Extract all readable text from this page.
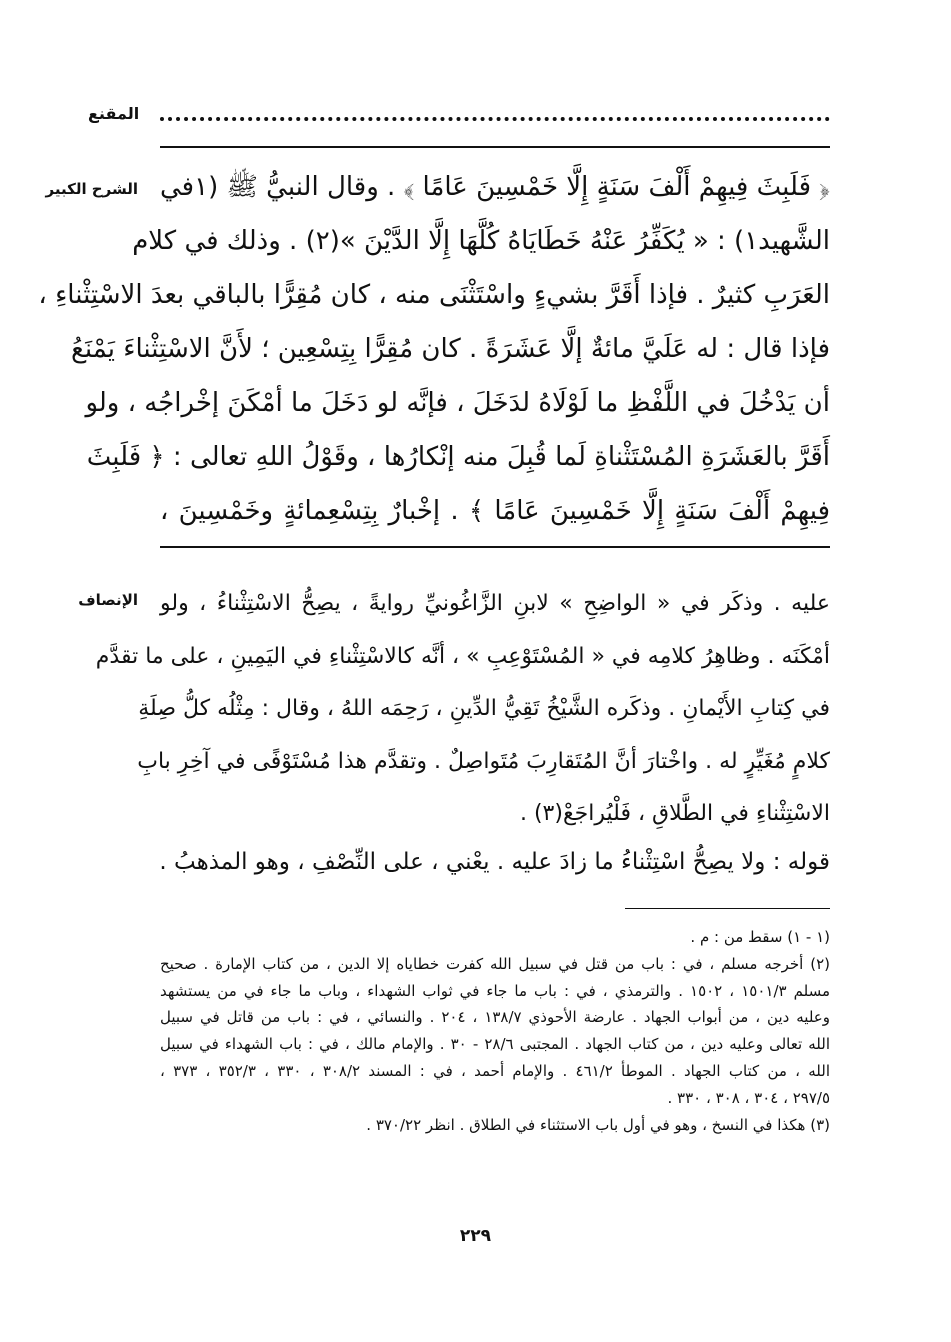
المقنع
الشرح الكبير
الإنصاف
﴿ فَلَبِثَ فِيهِمْ أَلْفَ سَنَةٍ إِلَّا خَمْسِينَ عَامًا ﴾ . وقال النبيُّ ﷺ (١في
الشَّهيد١) : « يُكَفِّرُ عَنْهُ خَطَايَاهُ كُلَّهَا إِلَّا الدَّيْنَ »(٢) . وذلك في كلام
العَرَبِ كثيرٌ . فإذا أَقَرَّ بشيءٍ واسْتَثْنَى منه ، كان مُقِرًّا بالباقي بعدَ الاسْتِثْناءِ ،
فإذا قال : له عَلَيَّ مائةٌ إلَّا عَشَرَةً . كان مُقِرًّا بِتِسْعِين ؛ لأَنَّ الاسْتِثْناءَ يَمْنَعُ
أن يَدْخُلَ في اللَّفْظِ ما لَوْلَاهُ لدَخَلَ ، فإنَّه لو دَخَلَ ما أمْكَنَ إخْراجُه ، ولو
أَقَرَّ بالعَشَرَةِ المُسْتَثْناةِ لَما قُبِلَ منه إنْكارُها ، وقَوْلُ اللهِ تعالى : ﴿ فَلَبِثَ
فِيهِمْ أَلْفَ سَنَةٍ إِلَّا خَمْسِينَ عَامًا ﴾ . إخْبارٌ بِتِسْعِمائةٍ وخَمْسِينَ ،
عليه . وذكَر في « الواضِحِ » لابنِ الزَّاغُونيِّ روايةً ، يصِحُّ الاسْتِثْناءُ ، ولو
أمْكَنَه . وظاهِرُ كلامِه في « المُسْتَوْعِبِ » ، أنَّه كالاسْتِثْناءِ في اليَمِينِ ، على ما تقدَّم
في كِتابِ الأَيْمانِ . وذكَره الشَّيْخُ تَقِيُّ الدِّينِ ، رَحِمَه اللهُ ، وقال : مِثْلُه كلُّ صِلَةِ
كلامٍ مُغَيِّرٍ له . واخْتارَ أنَّ المُتَقارِبَ مُتَواصِلٌ . وتقدَّم هذا مُسْتَوْفًى في آخِرِ بابِ
الاسْتِثْناءِ في الطَّلاقِ ، فَلْيُراجَعْ(٣) .
قوله : ولا يصِحُّ اسْتِثْناءُ ما زادَ عليه . يعْني ، على النِّصْفِ ، وهو المذهبُ .
(١ - ١) سقط من : م .
(٢) أخرجه مسلم ، في : باب من قتل في سبيل الله كفرت خطاياه إلا الدين ، من كتاب الإمارة . صحيح
مسلم ١٥٠١/٣ ، ١٥٠٢ . والترمذي ، في : باب ما جاء في ثواب الشهداء ، وباب ما جاء في من يستشهد
وعليه دين ، من أبواب الجهاد . عارضة الأحوذي ١٣٨/٧ ، ٢٠٤ . والنسائي ، في : باب من قاتل في سبيل
الله تعالى وعليه دين ، من كتاب الجهاد . المجتبى ٢٨/٦ - ٣٠ . والإمام مالك ، في : باب الشهداء في سبيل
الله ، من كتاب الجهاد . الموطأ ٤٦١/٢ . والإمام أحمد ، في : المسند ٣٠٨/٢ ، ٣٣٠ ، ٣٥٢/٣ ، ٣٧٣ ،
٢٩٧/٥ ، ٣٠٤ ، ٣٠٨ ، ٣٣٠ .
(٣) هكذا في النسخ ، وهو في أول باب الاستثناء في الطلاق . انظر ٣٧٠/٢٢ .
٢٢٩
